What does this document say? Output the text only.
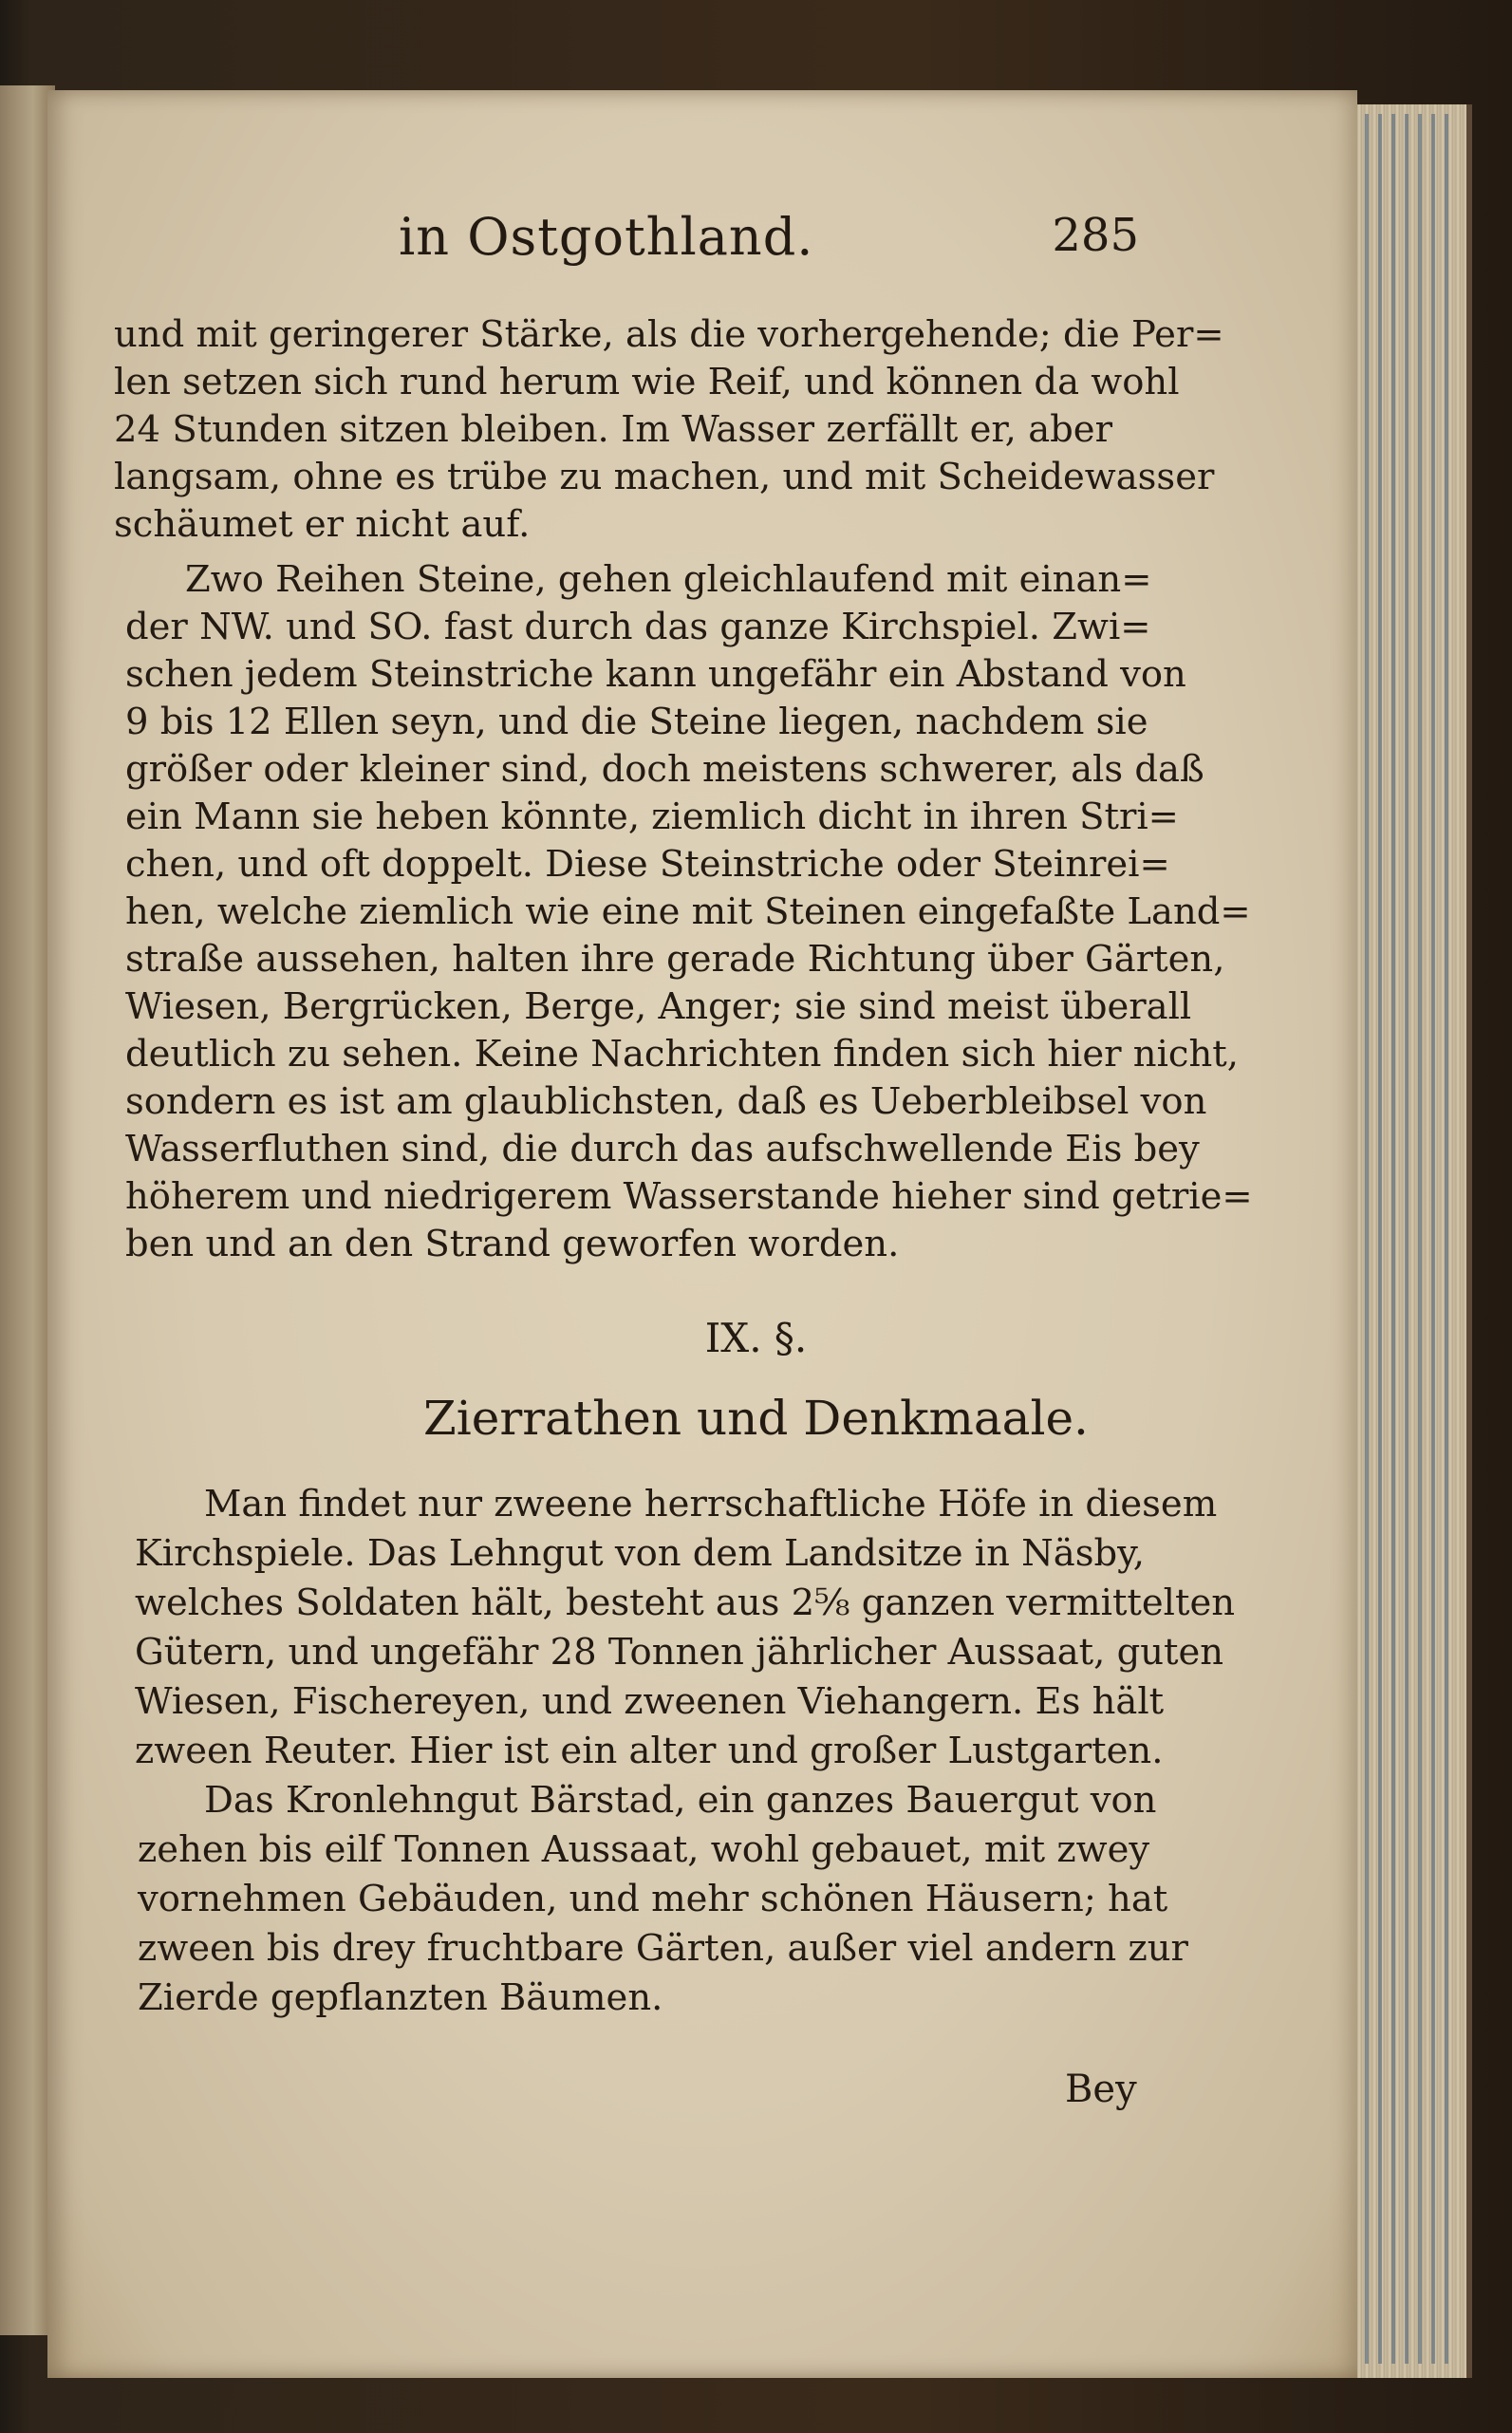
in Ostgothland.	285
und mit geringerer Stärke, als die vorhergehende; die Per=
len setzen sich rund herum wie Reif, und können da wohl
24 Stunden sitzen bleiben. Im Wasser zerfällt er, aber
langsam, ohne es trübe zu machen, und mit Scheidewasser
schäumet er nicht auf.
Zwo Reihen Steine, gehen gleichlaufend mit einan=
der NW. und SO. fast durch das ganze Kirchspiel. Zwi=
schen jedem Steinstriche kann ungefähr ein Abstand von
9 bis 12 Ellen seyn, und die Steine liegen, nachdem sie
größer oder kleiner sind, doch meistens schwerer, als daß
ein Mann sie heben könnte, ziemlich dicht in ihren Stri=
chen, und oft doppelt. Diese Steinstriche oder Steinrei=
hen, welche ziemlich wie eine mit Steinen eingefaßte Land=
straße aussehen, halten ihre gerade Richtung über Gärten,
Wiesen, Bergrücken, Berge, Anger; sie sind meist überall
deutlich zu sehen. Keine Nachrichten finden sich hier nicht,
sondern es ist am glaublichsten, daß es Ueberbleibsel von
Wasserfluthen sind, die durch das aufschwellende Eis bey
höherem und niedrigerem Wasserstande hieher sind getrie=
ben und an den Strand geworfen worden.
IX. §.
Zierrathen und Denkmaale.
Man findet nur zweene herrschaftliche Höfe in diesem
Kirchspiele. Das Lehngut von dem Landsitze in Näsby,
welches Soldaten hält, besteht aus 2⅝ ganzen vermittelten
Gütern, und ungefähr 28 Tonnen jährlicher Aussaat, guten
Wiesen, Fischereyen, und zweenen Viehangern. Es hält
zween Reuter. Hier ist ein alter und großer Lustgarten.
Das Kronlehngut Bärstad, ein ganzes Bauergut von
zehen bis eilf Tonnen Aussaat, wohl gebauet, mit zwey
vornehmen Gebäuden, und mehr schönen Häusern; hat
zween bis drey fruchtbare Gärten, außer viel andern zur
Zierde gepflanzten Bäumen.
Bey
